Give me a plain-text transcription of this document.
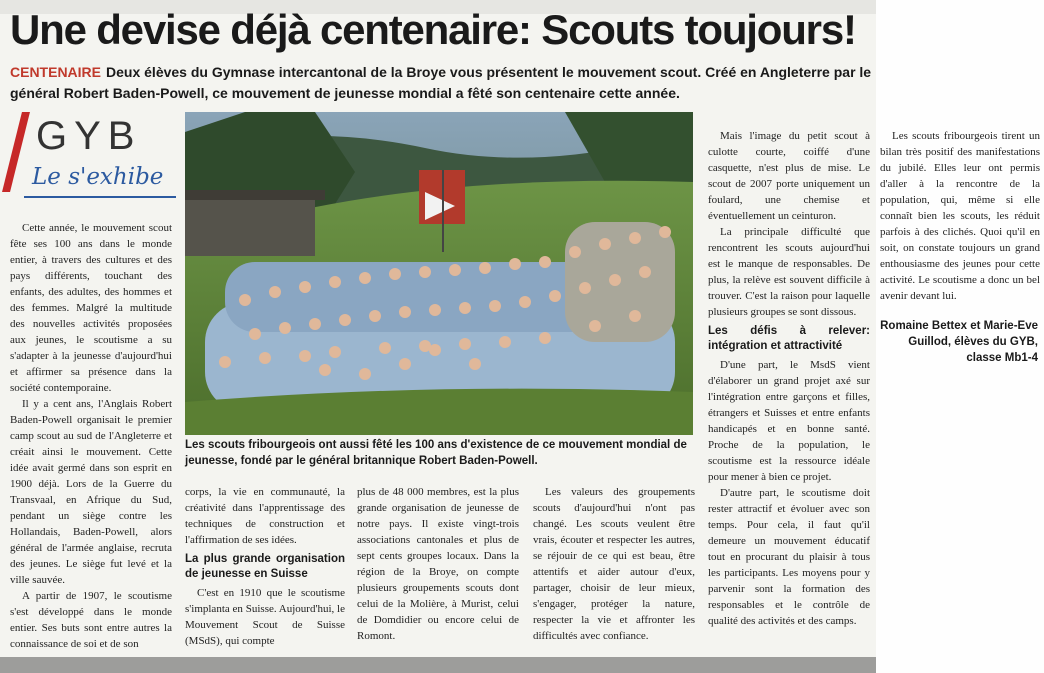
Une devise déjà centenaire: Scouts toujours!
CENTENAIRE Deux élèves du Gymnase intercantonal de la Broye vous présentent le mouvement scout. Créé en Angleterre par le général Robert Baden-Powell, ce mouvement de jeunesse mondial a fêté son centenaire cette année.
GYB
Le s'exhibe

Cette année, le mouvement scout fête ses 100 ans dans le monde entier, à travers des cultures et des pays différents, touchant des enfants, des adultes, des hommes et des femmes. Malgré la multitude des nouvelles activités proposées aux jeunes, le scoutisme a su s'adapter à la jeunesse d'aujourd'hui et affirmer sa présence dans la société contemporaine.

Il y a cent ans, l'Anglais Robert Baden-Powell organisait le premier camp scout au sud de l'Angleterre et créait ainsi le mouvement. Cette idée avait germé dans son esprit en 1900 déjà. Lors de la Guerre du Transvaal, en Afrique du Sud, pendant un siège contre les Hollandais, Baden-Powell, alors général de l'armée anglaise, recruta des jeunes. Le siège fut levé et la ville sauvée.

A partir de 1907, le scoutisme s'est développé dans le monde entier. Ses buts sont entre autres la connaissance de soi et de son

Les scouts fribourgeois ont aussi fêté les 100 ans d'existence de ce mouvement mondial de jeunesse, fondé par le général britannique Robert Baden-Powell.

corps, la vie en communauté, la créativité dans l'apprentissage des techniques de construction et l'affirmation de ses idées.

La plus grande organisation de jeunesse en Suisse

C'est en 1910 que le scoutisme s'implanta en Suisse. Aujourd'hui, le Mouvement Scout de Suisse (MSdS), qui compte

plus de 48 000 membres, est la plus grande organisation de jeunesse de notre pays. Il existe vingt-trois associations cantonales et plus de sept cents groupes locaux. Dans la région de la Broye, on compte plusieurs groupements scouts dont celui de la Molière, à Murist, celui de Domdidier ou encore celui de Romont.

Les valeurs des groupements scouts d'aujourd'hui n'ont pas changé. Les scouts veulent être vrais, écouter et respecter les autres, se réjouir de ce qui est beau, être attentifs et aider autour d'eux, partager, choisir de leur mieux, s'engager, protéger la nature, respecter la vie et affronter les difficultés avec confiance.

Mais l'image du petit scout à culotte courte, coiffé d'une casquette, n'est plus de mise. Le scout de 2007 porte uniquement un foulard, une chemise et éventuellement un ceinturon.

La principale difficulté que rencontrent les scouts aujourd'hui est le manque de responsables. De plus, la relève est souvent difficile à trouver. C'est la raison pour laquelle plusieurs groupes se sont dissous.

Les défis à relever: intégration et attractivité

D'une part, le MsdS vient d'élaborer un grand projet axé sur l'intégration entre garçons et filles, étrangers et Suisses et entre enfants handicapés et en bonne santé. Proche de la population, le scoutisme est la ressource idéale pour mener à bien ce projet.

D'autre part, le scoutisme doit rester attractif et évoluer avec son temps. Pour cela, il faut qu'il demeure un mouvement éducatif tout en procurant du plaisir à tous les participants. Les moyens pour y parvenir sont la formation des responsables et le contrôle de qualité des activités et des camps.

Les scouts fribourgeois tirent un bilan très positif des manifestations du jubilé. Elles leur ont permis d'aller à la rencontre de la population, qui, même si elle connaît bien les scouts, les réduit parfois à des clichés. Quoi qu'il en soit, on constate toujours un grand enthousiasme des jeunes pour cette activité. Le scoutisme a donc un bel avenir devant lui.

Romaine Bettex et Marie-Eve Guillod, élèves du GYB, classe Mb1-4
